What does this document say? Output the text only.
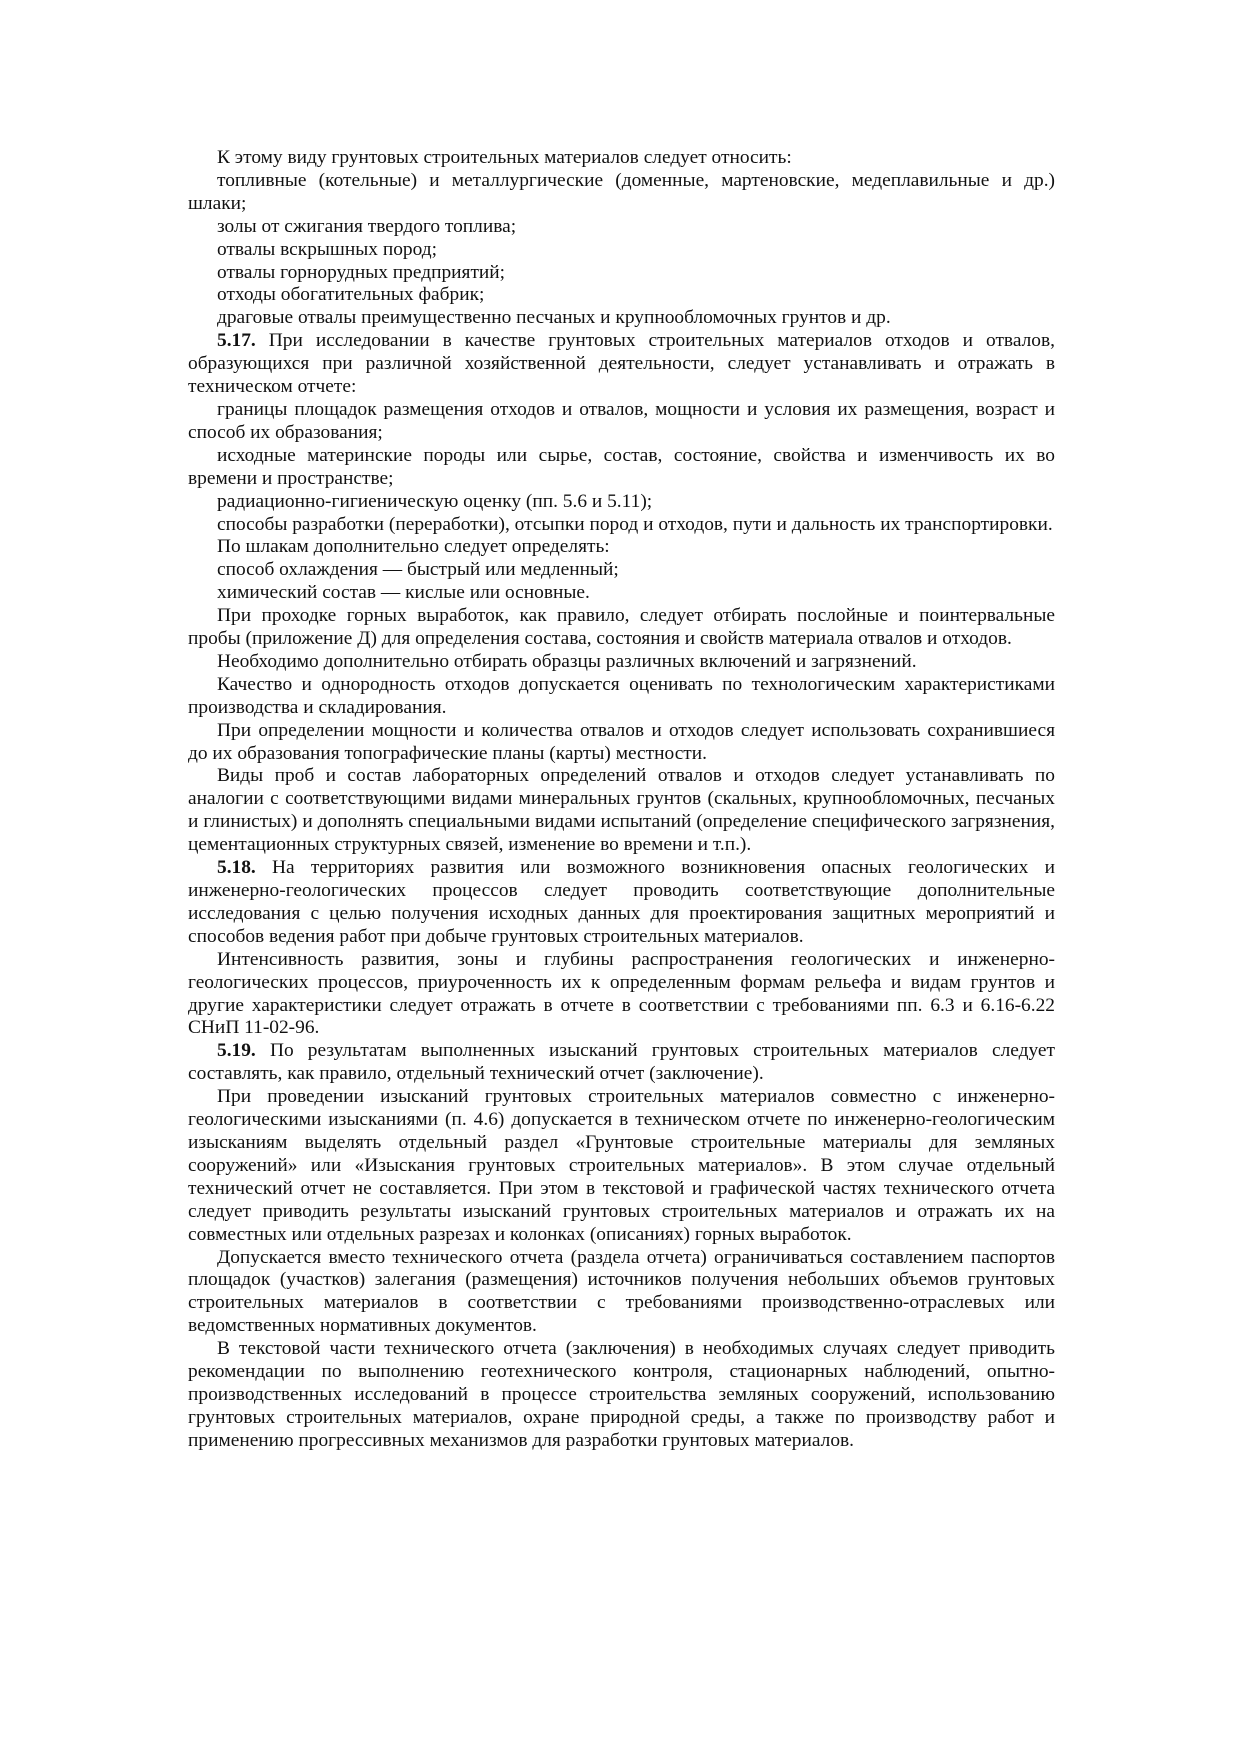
К этому виду грунтовых строительных материалов следует относить:

топливные (котельные) и металлургические (доменные, мартеновские, медеплавильные и др.) шлаки;

золы от сжигания твердого топлива;

отвалы вскрышных пород;

отвалы горнорудных предприятий;

отходы обогатительных фабрик;

драговые отвалы преимущественно песчаных и крупнообломочных грунтов и др.

5.17. При исследовании в качестве грунтовых строительных материалов отходов и отвалов, образующихся при различной хозяйственной деятельности, следует устанавливать и отражать в техническом отчете:

границы площадок размещения отходов и отвалов, мощности и условия их размещения, возраст и способ их образования;

исходные материнские породы или сырье, состав, состояние, свойства и изменчивость их во времени и пространстве;

радиационно-гигиеническую оценку (пп. 5.6 и 5.11);

способы разработки (переработки), отсыпки пород и отходов, пути и дальность их транспортировки.

По шлакам дополнительно следует определять:

способ охлаждения — быстрый или медленный;

химический состав — кислые или основные.

При проходке горных выработок, как правило, следует отбирать послойные и поинтервальные пробы (приложение Д) для определения состава, состояния и свойств материала отвалов и отходов.

Необходимо дополнительно отбирать образцы различных включений и загрязнений.

Качество и однородность отходов допускается оценивать по технологическим характеристиками производства и складирования.

При определении мощности и количества отвалов и отходов следует использовать сохранившиеся до их образования топографические планы (карты) местности.

Виды проб и состав лабораторных определений отвалов и отходов следует устанавливать по аналогии с соответствующими видами минеральных грунтов (скальных, крупнообломочных, песчаных и глинистых) и дополнять специальными видами испытаний (определение специфического загрязнения, цементационных структурных связей, изменение во времени и т.п.).

5.18. На территориях развития или возможного возникновения опасных геологических и инженерно-геологических процессов следует проводить соответствующие дополнительные исследования с целью получения исходных данных для проектирования защитных мероприятий и способов ведения работ при добыче грунтовых строительных материалов.

Интенсивность развития, зоны и глубины распространения геологических и инженерно-геологических процессов, приуроченность их к определенным формам рельефа и видам грунтов и другие характеристики следует отражать в отчете в соответствии с требованиями пп. 6.3 и 6.16-6.22 СНиП 11-02-96.

5.19. По результатам выполненных изысканий грунтовых строительных материалов следует составлять, как правило, отдельный технический отчет (заключение).

При проведении изысканий грунтовых строительных материалов совместно с инженерно-геологическими изысканиями (п. 4.6) допускается в техническом отчете по инженерно-геологическим изысканиям выделять отдельный раздел «Грунтовые строительные материалы для земляных сооружений» или «Изыскания грунтовых строительных материалов». В этом случае отдельный технический отчет не составляется. При этом в текстовой и графической частях технического отчета следует приводить результаты изысканий грунтовых строительных материалов и отражать их на совместных или отдельных разрезах и колонках (описаниях) горных выработок.

Допускается вместо технического отчета (раздела отчета) ограничиваться составлением паспортов площадок (участков) залегания (размещения) источников получения небольших объемов грунтовых строительных материалов в соответствии с требованиями производственно-отраслевых или ведомственных нормативных документов.

В текстовой части технического отчета (заключения) в необходимых случаях следует приводить рекомендации по выполнению геотехнического контроля, стационарных наблюдений, опытно-производственных исследований в процессе строительства земляных сооружений, использованию грунтовых строительных материалов, охране природной среды, а также по производству работ и применению прогрессивных механизмов для разработки грунтовых материалов.
